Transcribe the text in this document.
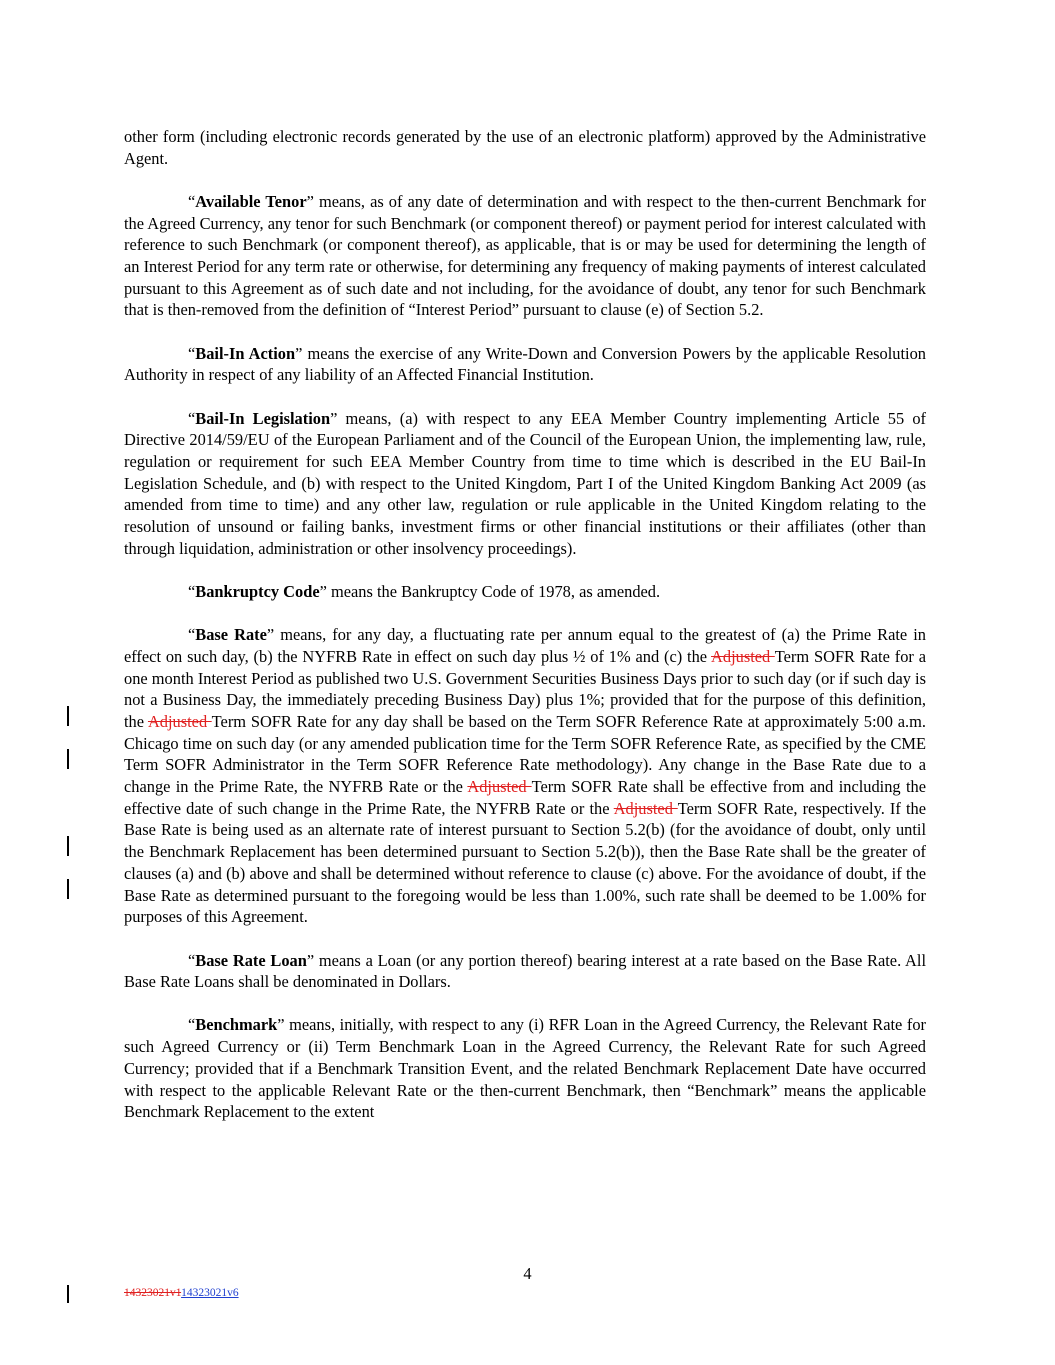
other form (including electronic records generated by the use of an electronic platform) approved by the Administrative Agent.

“Available Tenor” means, as of any date of determination and with respect to the then-current Benchmark for the Agreed Currency, any tenor for such Benchmark (or component thereof) or payment period for interest calculated with reference to such Benchmark (or component thereof), as applicable, that is or may be used for determining the length of an Interest Period for any term rate or otherwise, for determining any frequency of making payments of interest calculated pursuant to this Agreement as of such date and not including, for the avoidance of doubt, any tenor for such Benchmark that is then-removed from the definition of “Interest Period” pursuant to clause (e) of Section 5.2.

“Bail-In Action” means the exercise of any Write-Down and Conversion Powers by the applicable Resolution Authority in respect of any liability of an Affected Financial Institution.

“Bail-In Legislation” means, (a) with respect to any EEA Member Country implementing Article 55 of Directive 2014/59/EU of the European Parliament and of the Council of the European Union, the implementing law, rule, regulation or requirement for such EEA Member Country from time to time which is described in the EU Bail-In Legislation Schedule, and (b) with respect to the United Kingdom, Part I of the United Kingdom Banking Act 2009 (as amended from time to time) and any other law, regulation or rule applicable in the United Kingdom relating to the resolution of unsound or failing banks, investment firms or other financial institutions or their affiliates (other than through liquidation, administration or other insolvency proceedings).

“Bankruptcy Code” means the Bankruptcy Code of 1978, as amended.

“Base Rate” means, for any day, a fluctuating rate per annum equal to the greatest of (a) the Prime Rate in effect on such day, (b) the NYFRB Rate in effect on such day plus ½ of 1% and (c) the Adjusted Term SOFR Rate for a one month Interest Period as published two U.S. Government Securities Business Days prior to such day (or if such day is not a Business Day, the immediately preceding Business Day) plus 1%; provided that for the purpose of this definition, the Adjusted Term SOFR Rate for any day shall be based on the Term SOFR Reference Rate at approximately 5:00 a.m. Chicago time on such day (or any amended publication time for the Term SOFR Reference Rate, as specified by the CME Term SOFR Administrator in the Term SOFR Reference Rate methodology). Any change in the Base Rate due to a change in the Prime Rate, the NYFRB Rate or the Adjusted Term SOFR Rate shall be effective from and including the effective date of such change in the Prime Rate, the NYFRB Rate or the Adjusted Term SOFR Rate, respectively. If the Base Rate is being used as an alternate rate of interest pursuant to Section 5.2(b) (for the avoidance of doubt, only until the Benchmark Replacement has been determined pursuant to Section 5.2(b)), then the Base Rate shall be the greater of clauses (a) and (b) above and shall be determined without reference to clause (c) above. For the avoidance of doubt, if the Base Rate as determined pursuant to the foregoing would be less than 1.00%, such rate shall be deemed to be 1.00% for purposes of this Agreement.

“Base Rate Loan” means a Loan (or any portion thereof) bearing interest at a rate based on the Base Rate. All Base Rate Loans shall be denominated in Dollars.

“Benchmark” means, initially, with respect to any (i) RFR Loan in the Agreed Currency, the Relevant Rate for such Agreed Currency or (ii) Term Benchmark Loan in the Agreed Currency, the Relevant Rate for such Agreed Currency; provided that if a Benchmark Transition Event, and the related Benchmark Replacement Date have occurred with respect to the applicable Relevant Rate or the then-current Benchmark, then “Benchmark” means the applicable Benchmark Replacement to the extent

4
14323021v114323021v6
